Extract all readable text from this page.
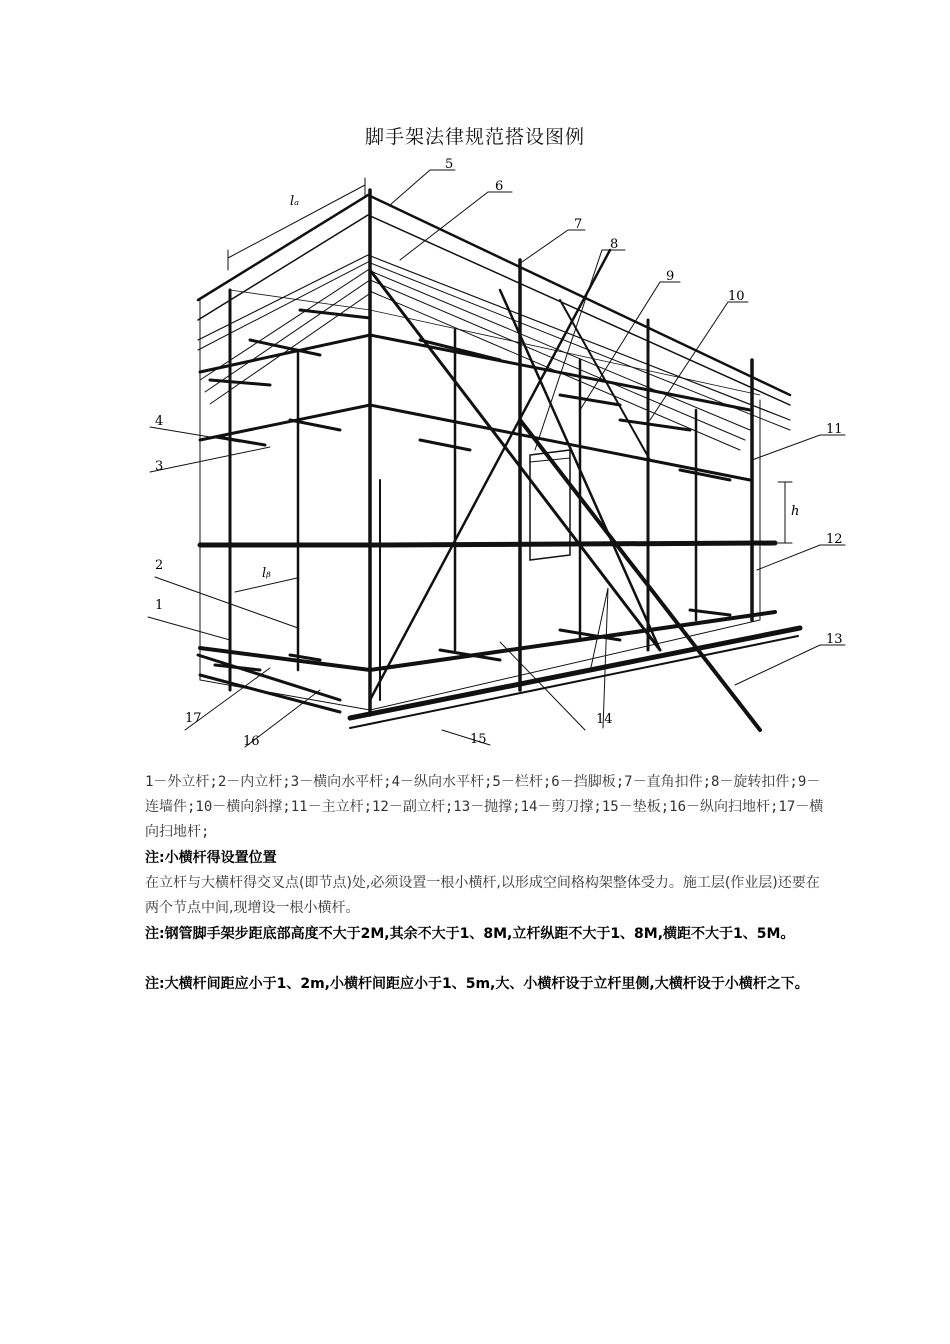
脚手架法律规范搭设图例
5
6
7
8
9
10
11
12
13
14
15
16
17
1
2
3
4
lₐ
lᵦ
h
1－外立杆;2－内立杆;3－横向水平杆;4－纵向水平杆;5－栏杆;6－挡脚板;7－直角扣件;8－旋转扣件;9－连墙件;10－横向斜撑;11－主立杆;12－副立杆;13－抛撑;14－剪刀撑;15－垫板;16－纵向扫地杆;17－横向扫地杆;
注:小横杆得设置位置
在立杆与大横杆得交叉点(即节点)处,必须设置一根小横杆,以形成空间格构架整体受力。施工层(作业层)还要在两个节点中间,现增设一根小横杆。
注:钢管脚手架步距底部高度不大于2M,其余不大于1、8M,立杆纵距不大于1、8M,横距不大于1、5M。
注:大横杆间距应小于1、2m,小横杆间距应小于1、5m,大、小横杆设于立杆里侧,大横杆设于小横杆之下。
